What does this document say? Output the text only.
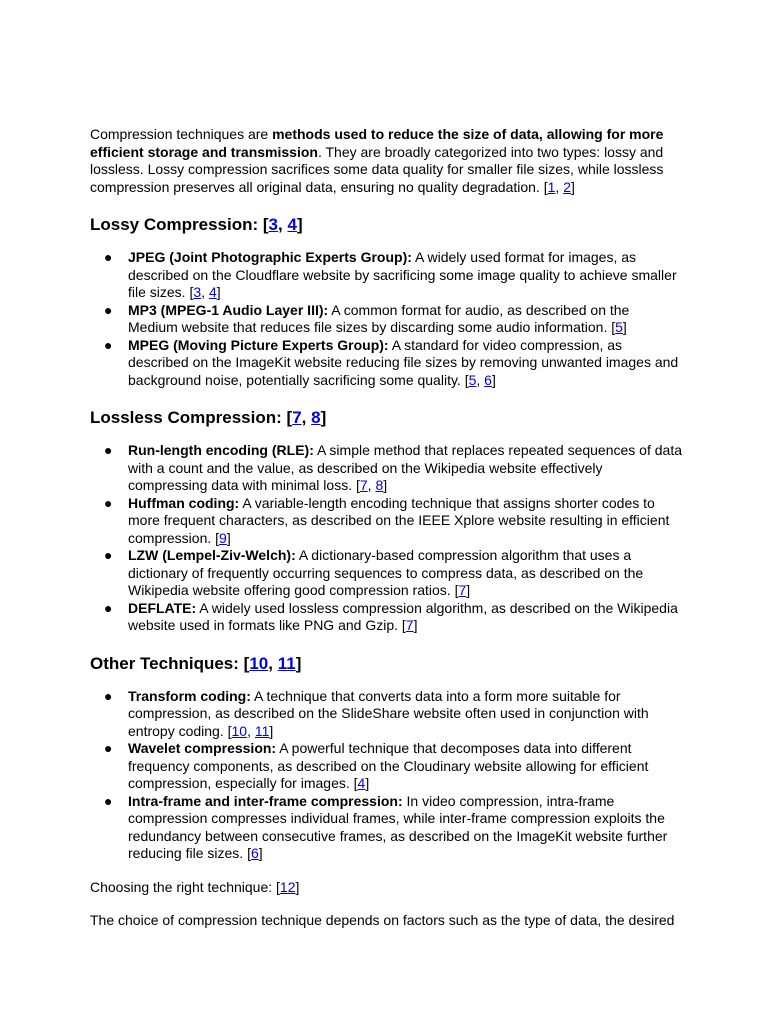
Compression techniques are methods used to reduce the size of data, allowing for more efficient storage and transmission. They are broadly categorized into two types: lossy and lossless. Lossy compression sacrifices some data quality for smaller file sizes, while lossless compression preserves all original data, ensuring no quality degradation. [1, 2]

Lossy Compression: [3, 4]
● JPEG (Joint Photographic Experts Group): A widely used format for images, as described on the Cloudflare website by sacrificing some image quality to achieve smaller file sizes. [3, 4]
● MP3 (MPEG-1 Audio Layer III): A common format for audio, as described on the Medium website that reduces file sizes by discarding some audio information. [5]
● MPEG (Moving Picture Experts Group): A standard for video compression, as described on the ImageKit website reducing file sizes by removing unwanted images and background noise, potentially sacrificing some quality. [5, 6]
Lossless Compression: [7, 8]
● Run-length encoding (RLE): A simple method that replaces repeated sequences of data with a count and the value, as described on the Wikipedia website effectively compressing data with minimal loss. [7, 8]
● Huffman coding: A variable-length encoding technique that assigns shorter codes to more frequent characters, as described on the IEEE Xplore website resulting in efficient compression. [9]
● LZW (Lempel-Ziv-Welch): A dictionary-based compression algorithm that uses a dictionary of frequently occurring sequences to compress data, as described on the Wikipedia website offering good compression ratios. [7]
● DEFLATE: A widely used lossless compression algorithm, as described on the Wikipedia website used in formats like PNG and Gzip. [7]
Other Techniques: [10, 11]
● Transform coding: A technique that converts data into a form more suitable for compression, as described on the SlideShare website often used in conjunction with entropy coding. [10, 11]
● Wavelet compression: A powerful technique that decomposes data into different frequency components, as described on the Cloudinary website allowing for efficient compression, especially for images. [4]
● Intra-frame and inter-frame compression: In video compression, intra-frame compression compresses individual frames, while inter-frame compression exploits the redundancy between consecutive frames, as described on the ImageKit website further reducing file sizes. [6]

Choosing the right technique: [12]

The choice of compression technique depends on factors such as the type of data, the desired
